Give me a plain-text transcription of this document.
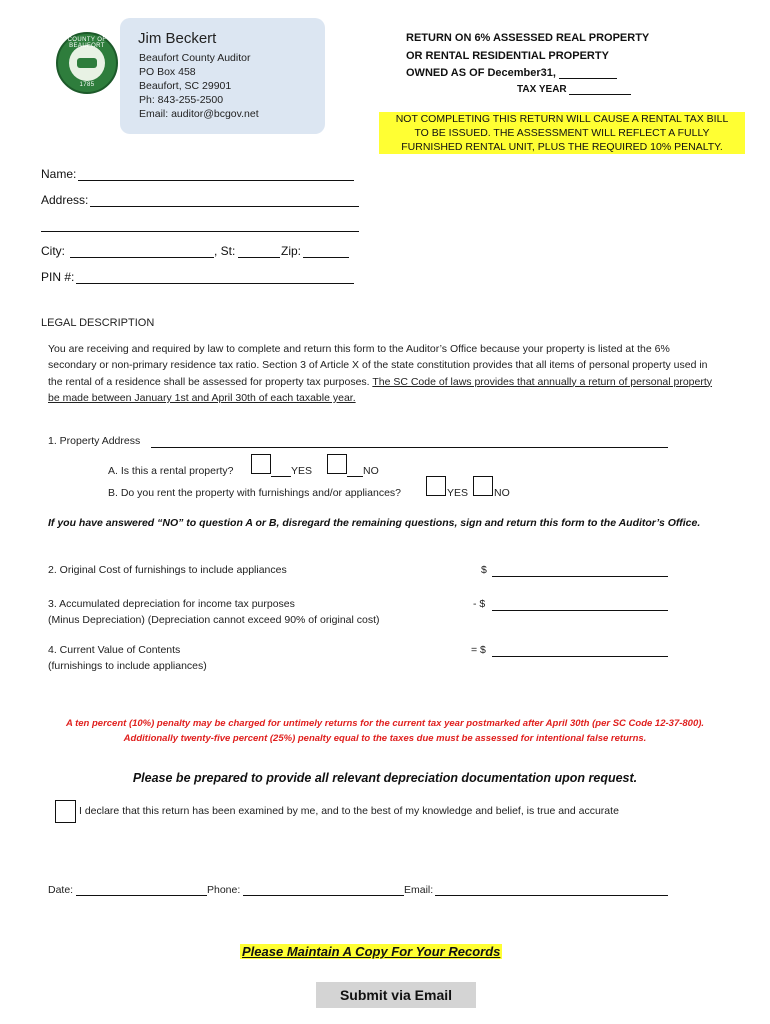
COUNTY OF BEAUFORT
1785
Jim Beckert
Beaufort County Auditor
PO Box 458
Beaufort, SC 29901
Ph: 843-255-2500
Email: auditor@bcgov.net
RETURN ON 6% ASSESSED REAL PROPERTY
OR RENTAL RESIDENTIAL PROPERTY
OWNED AS OF December31,
TAX YEAR
NOT COMPLETING THIS RETURN WILL CAUSE A RENTAL TAX BILL
TO BE ISSUED. THE ASSESSMENT WILL REFLECT A FULLY
FURNISHED RENTAL UNIT, PLUS THE REQUIRED 10% PENALTY.
Name:
Address:
City:	, St:	Zip:
PIN #:
LEGAL DESCRIPTION
You are receiving and required by law to complete and return this form to the Auditor’s Office because your property is listed at the 6% secondary or non-primary residence tax ratio. Section 3 of Article X of the state constitution provides that all items of personal property used in the rental of a residence shall be assessed for property tax purposes. The SC Code of laws provides that annually a return of personal property be made between January 1st and April 30th of each taxable year.
1. Property Address
A. Is this a rental property?	YES	NO
B. Do you rent the property with furnishings and/or appliances?	YES NO
If you have answered “NO” to question A or B, disregard the remaining questions, sign and return this form to the Auditor’s Office.
2. Original Cost of furnishings to include appliances	$
3. Accumulated depreciation for income tax purposes
(Minus Depreciation) (Depreciation cannot exceed 90% of original cost)
- $
4. Current Value of Contents
(furnishings to include appliances)
= $
A ten percent (10%) penalty may be charged for untimely returns for the current tax year postmarked after April 30th (per SC Code 12-37-800).
Additionally twenty-five percent (25%) penalty equal to the taxes due must be assessed for intentional false returns.
Please be prepared to provide all relevant depreciation documentation upon request.
I declare that this return has been examined by me, and to the best of my knowledge and belief, is true and accurate
Date:	Phone:	Email:
Please Maintain A Copy For Your Records
Submit via Email
